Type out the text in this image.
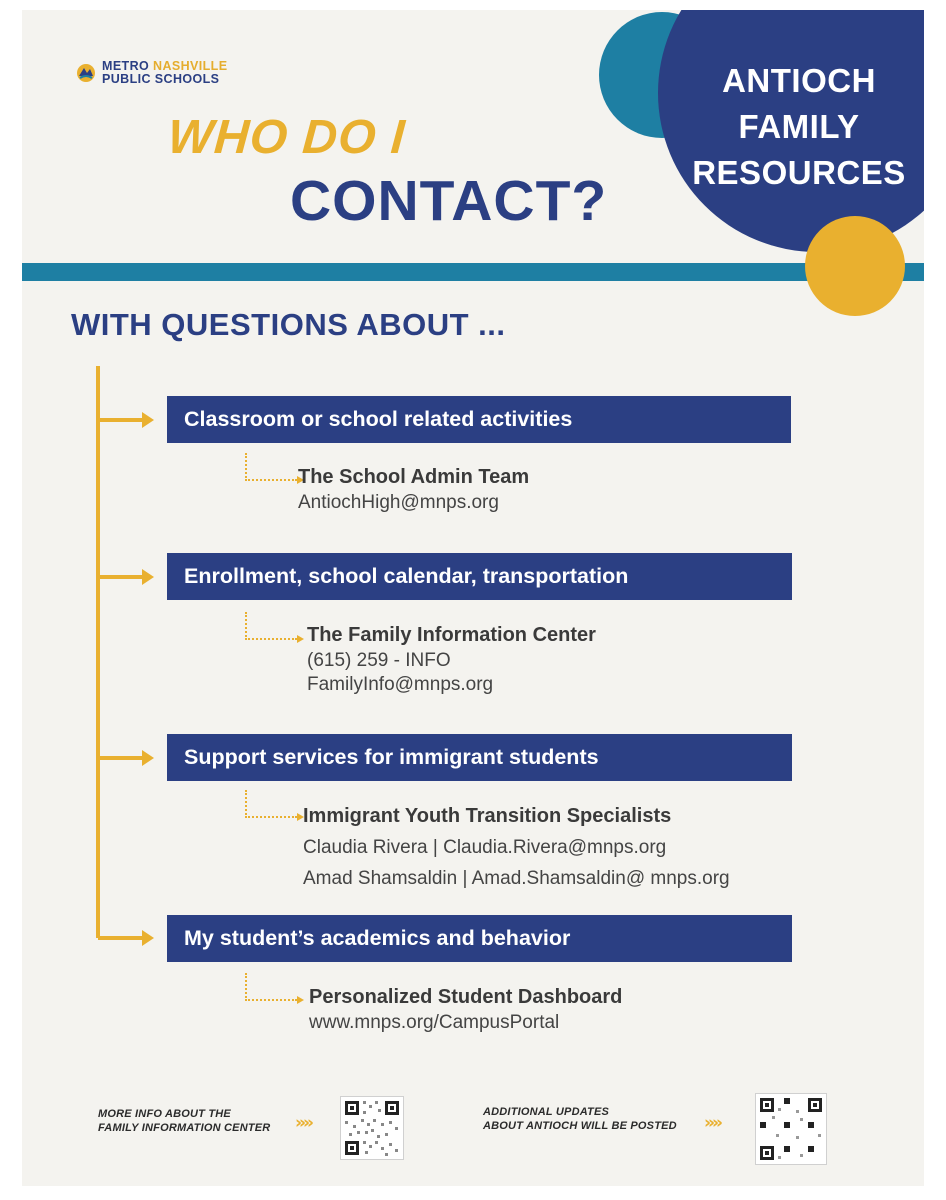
METRO NASHVILLE
PUBLIC SCHOOLS	ANTIOCH
FAMILY
RESOURCES
WHO DO I
CONTACT?
WITH QUESTIONS ABOUT ...
Classroom or school related activities
The School Admin Team
AntiochHigh@mnps.org
Enrollment, school calendar, transportation
The Family Information Center
(615) 259 - INFO
FamilyInfo@mnps.org
Support services for immigrant students
Immigrant Youth Transition Specialists
Claudia Rivera | Claudia.Rivera@mnps.org
Amad Shamsaldin | Amad.Shamsaldin@ mnps.org
My student’s academics and behavior
Personalized Student Dashboard
www.mnps.org/CampusPortal
MORE INFO ABOUT THE
FAMILY INFORMATION CENTER »»
ADDITIONAL UPDATES
ABOUT ANTIOCH WILL BE POSTED »»
